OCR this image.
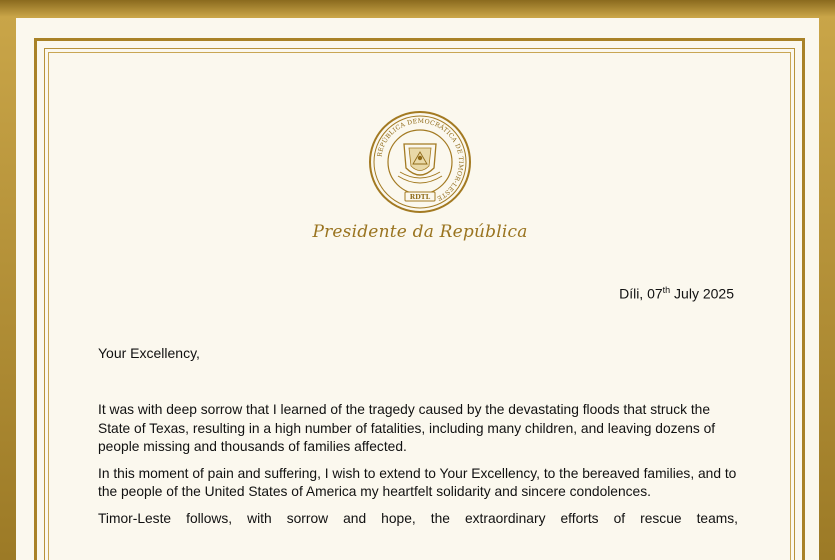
REPÚBLICA DEMOCRÁTICA DE TIMOR-LESTE
RDTL
Presidente da República
Díli, 07th July 2025
Your Excellency,

It was with deep sorrow that I learned of the tragedy caused by the devastating floods that struck the State of Texas, resulting in a high number of fatalities, including many children, and leaving dozens of people missing and thousands of families affected.

In this moment of pain and suffering, I wish to extend to Your Excellency, to the bereaved families, and to the people of the United States of America my heartfelt solidarity and sincere condolences.

Timor-Leste follows, with sorrow and hope, the extraordinary efforts of rescue teams,
